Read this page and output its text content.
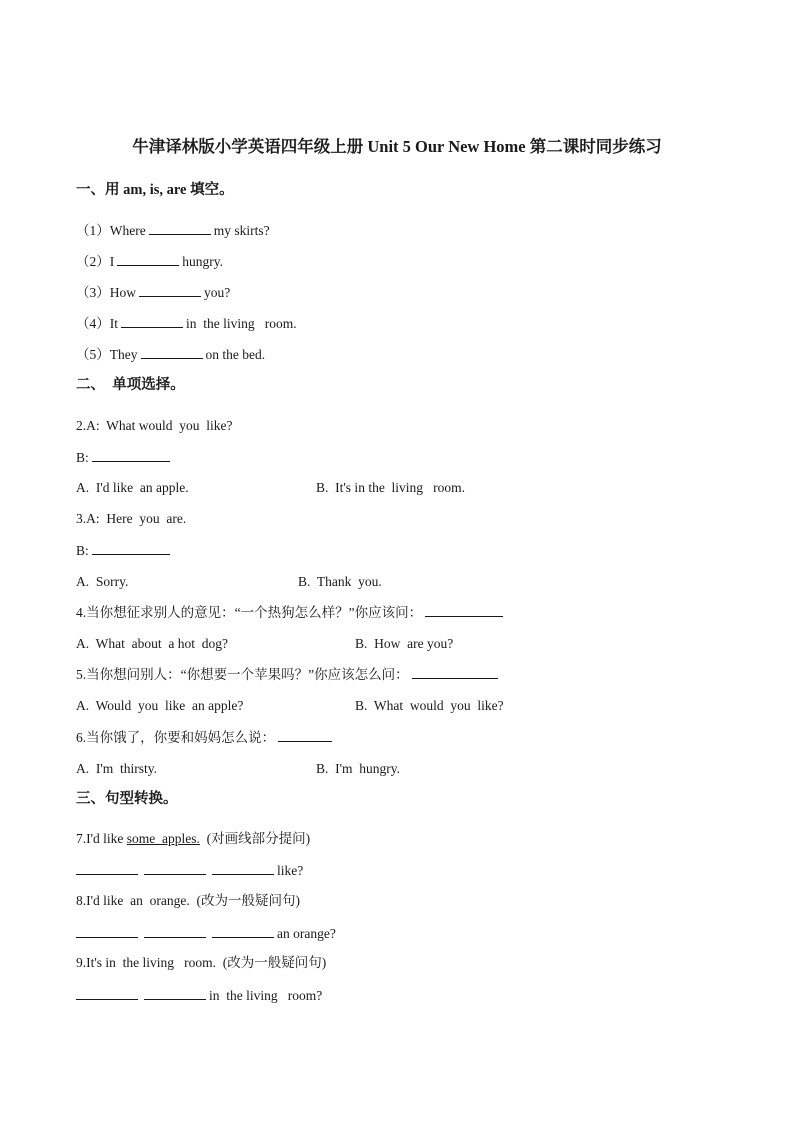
牛津译林版小学英语四年级上册 Unit 5 Our New Home 第二课时同步练习
一、用 am, is, are 填空。
（1）Where	my skirts?
（2）I	hungry.
（3）How	you?
（4）It	in  the living   room.
（5）They	on the bed.
二、  单项选择。
2.A:  What would  you  like?
B:
A.  I'd like  an apple.	B.  It's in the  living   room.
3.A:  Here  you  are.
B:
A.  Sorry.	B.  Thank  you.
4.当你想征求别人的意见：“一个热狗怎么样？”你应该问：
A.  What  about  a hot  dog?	B.  How  are you?
5.当你想问别人：“你想要一个苹果吗？”你应该怎么问：
A.  Would  you  like  an apple?	B.  What  would  you  like?
6.当你饿了，你要和妈妈怎么说：
A.  I'm  thirsty.	B.  I'm  hungry.
三、句型转换。
7.I'd like some  apples.  (对画线部分提问)
like?
8.I'd like  an  orange.  (改为一般疑问句)
an orange?
9.It's in  the living   room.  (改为一般疑问句)
in  the living   room?
